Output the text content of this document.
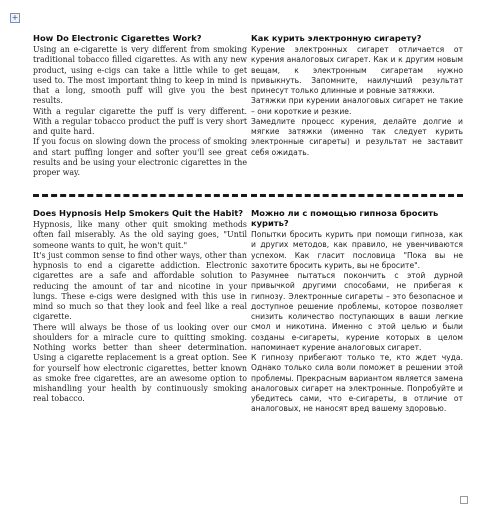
+
How Do Electronic Cigarettes Work?

Using an e-cigarette is very different from smoking traditional tobacco filled cigarettes. As with any new product, using e-cigs can take a little while to get used to. The most important thing to keep in mind is that a long, smooth puff will give you the best results.

With a regular cigarette the puff is very different. With a regular tobacco product the puff is very short and quite hard.

If you focus on slowing down the process of smoking and start puffing longer and softer you'll see great results and be using your electronic cigarettes in the proper way.

Как курить электронную сигарету?

Курение электронных сигарет отличается от курения аналоговых сигарет. Как и к другим новым вещам, к электронным сигаретам нужно привыкнуть. Запомните, наилучший результат принесут только длинные и ровные затяжки.

Затяжки при курении аналоговых сигарет не такие – они короткие и резкие.

Замедлите процесс курения, делайте долгие и мягкие затяжки (именно так следует курить электронные сигареты) и результат не заставит себя ожидать.

Does Hypnosis Help Smokers Quit the Habit?

Hypnosis, like many other quit smoking methods often fail miserably. As the old saying goes, "Until someone wants to quit, he won't quit."

It's just common sense to find other ways, other than hypnosis to end a cigarette addiction. Electronic cigarettes are a safe and affordable solution to reducing the amount of tar and nicotine in your lungs. These e-cigs were designed with this use in mind so much so that they look and feel like a real cigarette.

There will always be those of us looking over our shoulders for a miracle cure to quitting smoking. Nothing works better than sheer determination. Using a cigarette replacement is a great option. See for yourself how electronic cigarettes, better known as smoke free cigarettes, are an awesome option to mishandling your health by continuously smoking real tobacco.

Можно ли с помощью гипноза бросить курить?

Попытки бросить курить при помощи гипноза, как и других методов, как правило, не увенчиваются успехом. Как гласит пословица "Пока вы не захотите бросить курить, вы не бросите".

Разумнее пытаться покончить с этой дурной привычкой другими способами, не прибегая к гипнозу. Электронные сигареты – это безопасное и доступное решение проблемы, которое позволяет снизить количество поступающих в ваши легкие смол и никотина. Именно с этой целью и были созданы е-сигареты, курение которых в целом напоминает курение аналоговых сигарет.

К гипнозу прибегают только те, кто ждет чуда. Однако только сила воли поможет в решении этой проблемы. Прекрасным вариантом является замена аналоговых сигарет на электронные. Попробуйте и убедитесь сами, что е-сигареты, в отличие от аналоговых, не наносят вред вашему здоровью.
